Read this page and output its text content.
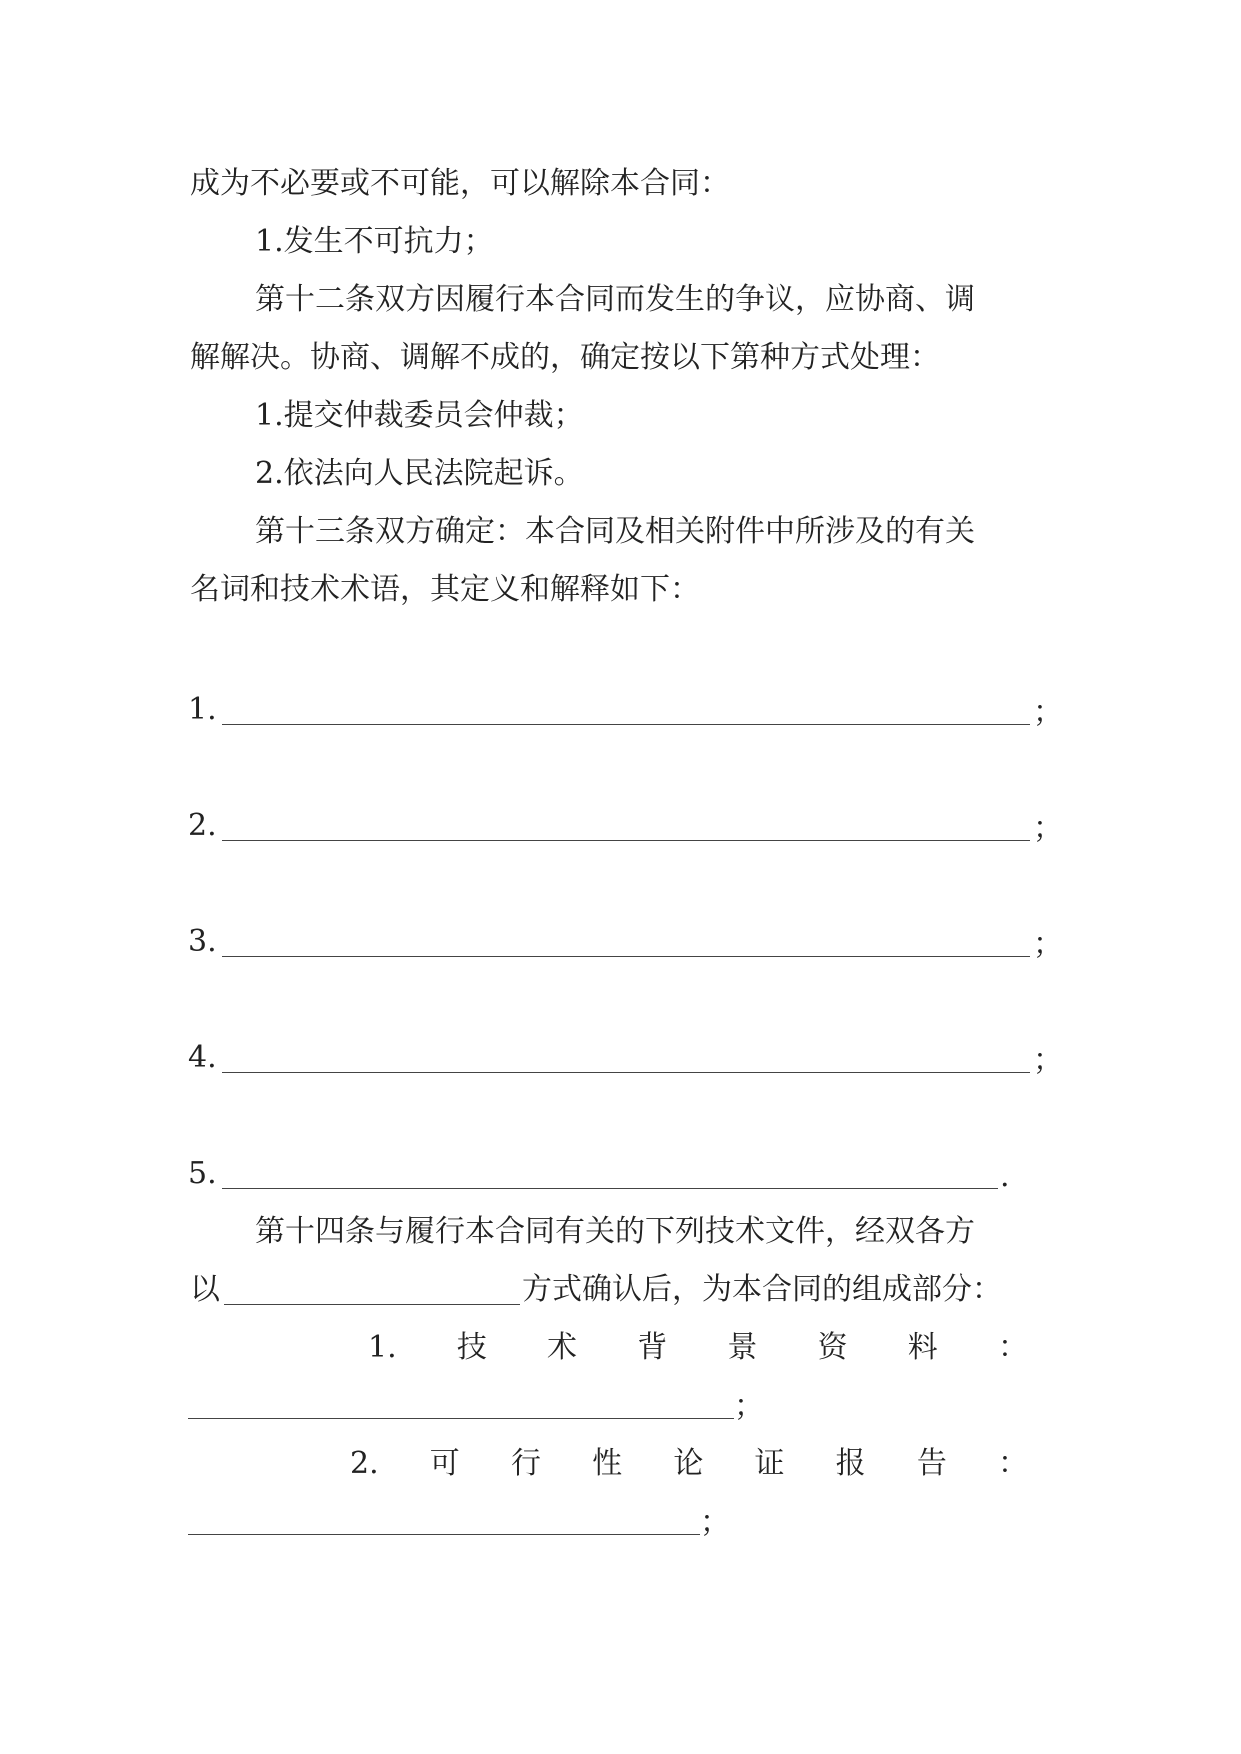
成为不必要或不可能，可以解除本合同：

1.发生不可抗力；

第十二条双方因履行本合同而发生的争议，应协商、调

解解决。协商、调解不成的，确定按以下第种方式处理：

1.提交仲裁委员会仲裁；

2.依法向人民法院起诉。

第十三条双方确定：本合同及相关附件中所涉及的有关

名词和技术术语，其定义和解释如下：

1.	；

2.	；

3.	；

4.	；

5.	.

第十四条与履行本合同有关的下列技术文件，经双各方

以	方式确认后，为本合同的组成部分：

1. 技 术 背 景 资 料 ：
；
2. 可 行 性 论 证 报 告 ：
；
